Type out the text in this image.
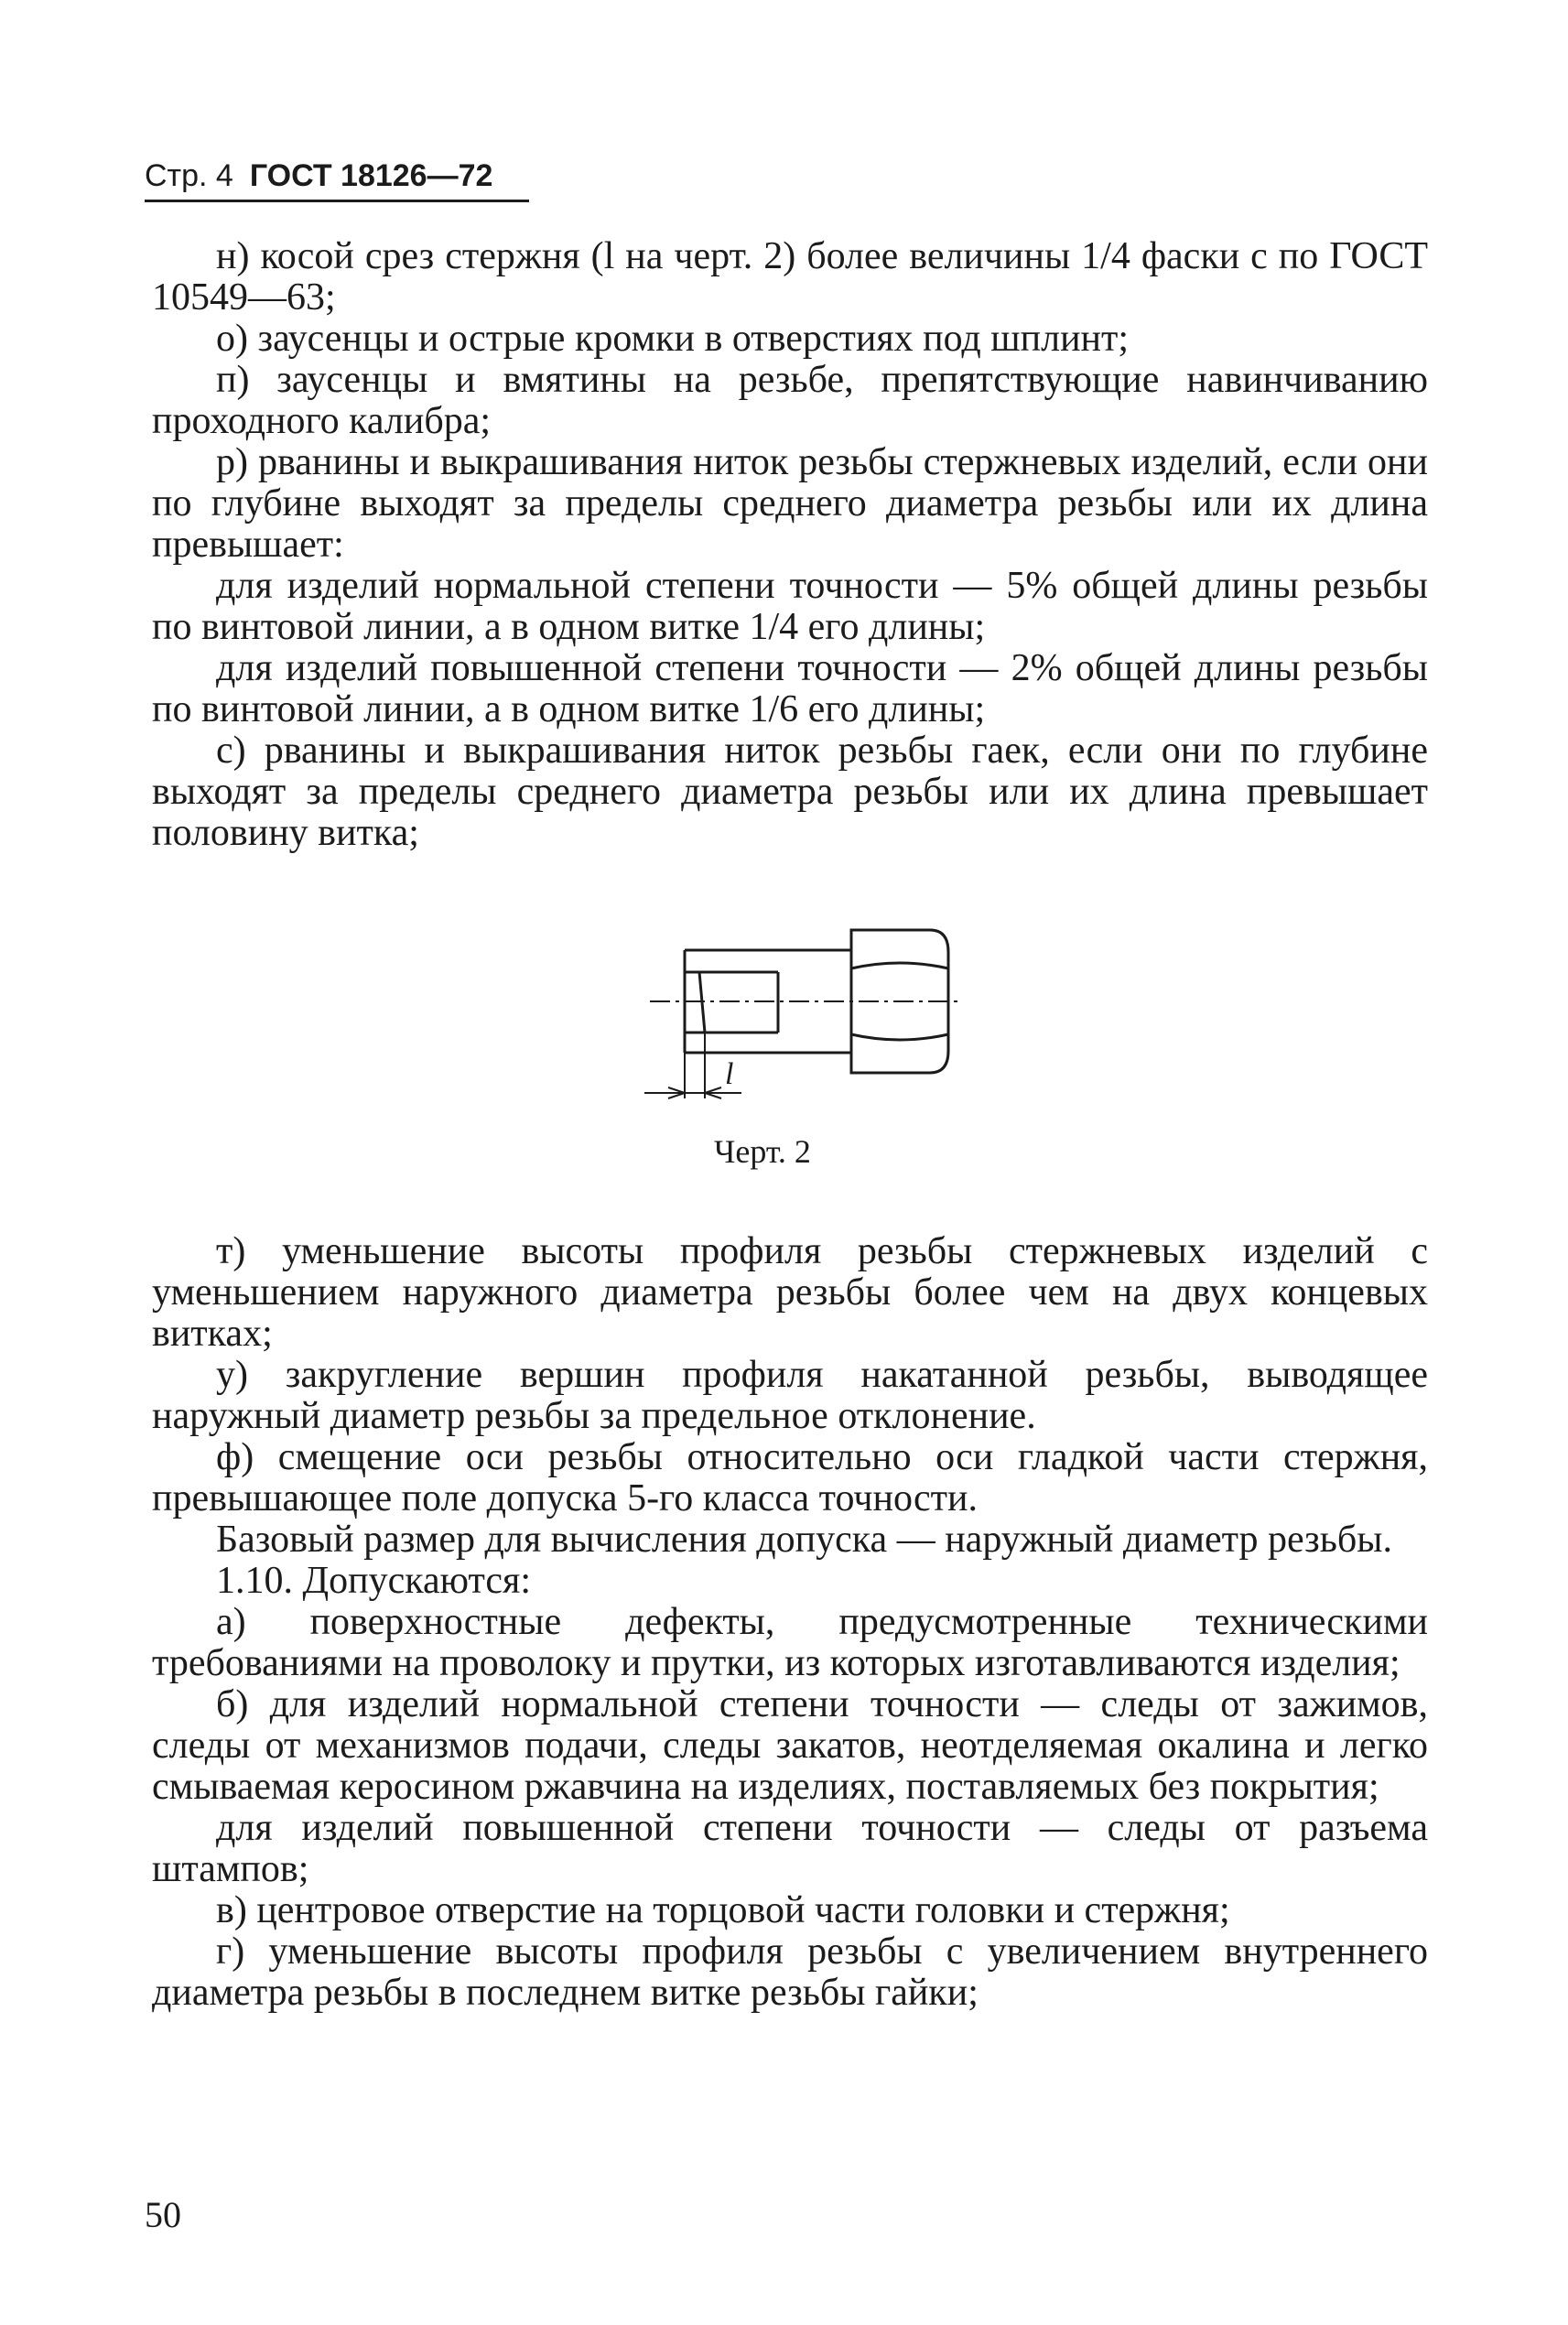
Стр. 4 ГОСТ 18126—72

н) косой срез стержня (l на черт. 2) более величины 1/4 фаски c по ГОСТ 10549—63;

о) заусенцы и острые кромки в отверстиях под шплинт;

п) заусенцы и вмятины на резьбе, препятствующие навинчиванию проходного калибра;

р) рванины и выкрашивания ниток резьбы стержневых изделий, если они по глубине выходят за пределы среднего диаметра резьбы или их длина превышает:

для изделий нормальной степени точности — 5% общей длины резьбы по винтовой линии, а в одном витке 1/4 его длины;

для изделий повышенной степени точности — 2% общей длины резьбы по винтовой линии, а в одном витке 1/6 его длины;

с) рванины и выкрашивания ниток резьбы гаек, если они по глубине выходят за пределы среднего диаметра резьбы или их длина превышает половину витка;

l
Черт. 2

т) уменьшение высоты профиля резьбы стержневых изделий с уменьшением наружного диаметра резьбы более чем на двух концевых витках;

у) закругление вершин профиля накатанной резьбы, выводящее наружный диаметр резьбы за предельное отклонение.

ф) смещение оси резьбы относительно оси гладкой части стержня, превышающее поле допуска 5-го класса точности.

Базовый размер для вычисления допуска — наружный диаметр резьбы.

1.10. Допускаются:

а) поверхностные дефекты, предусмотренные техническими требованиями на проволоку и прутки, из которых изготавливаются изделия;

б) для изделий нормальной степени точности — следы от зажимов, следы от механизмов подачи, следы закатов, неотделяемая окалина и легко смываемая керосином ржавчина на изделиях, поставляемых без покрытия;

для изделий повышенной степени точности — следы от разъема штампов;

в) центровое отверстие на торцовой части головки и стержня;

г) уменьшение высоты профиля резьбы с увеличением внутреннего диаметра резьбы в последнем витке резьбы гайки;

50
